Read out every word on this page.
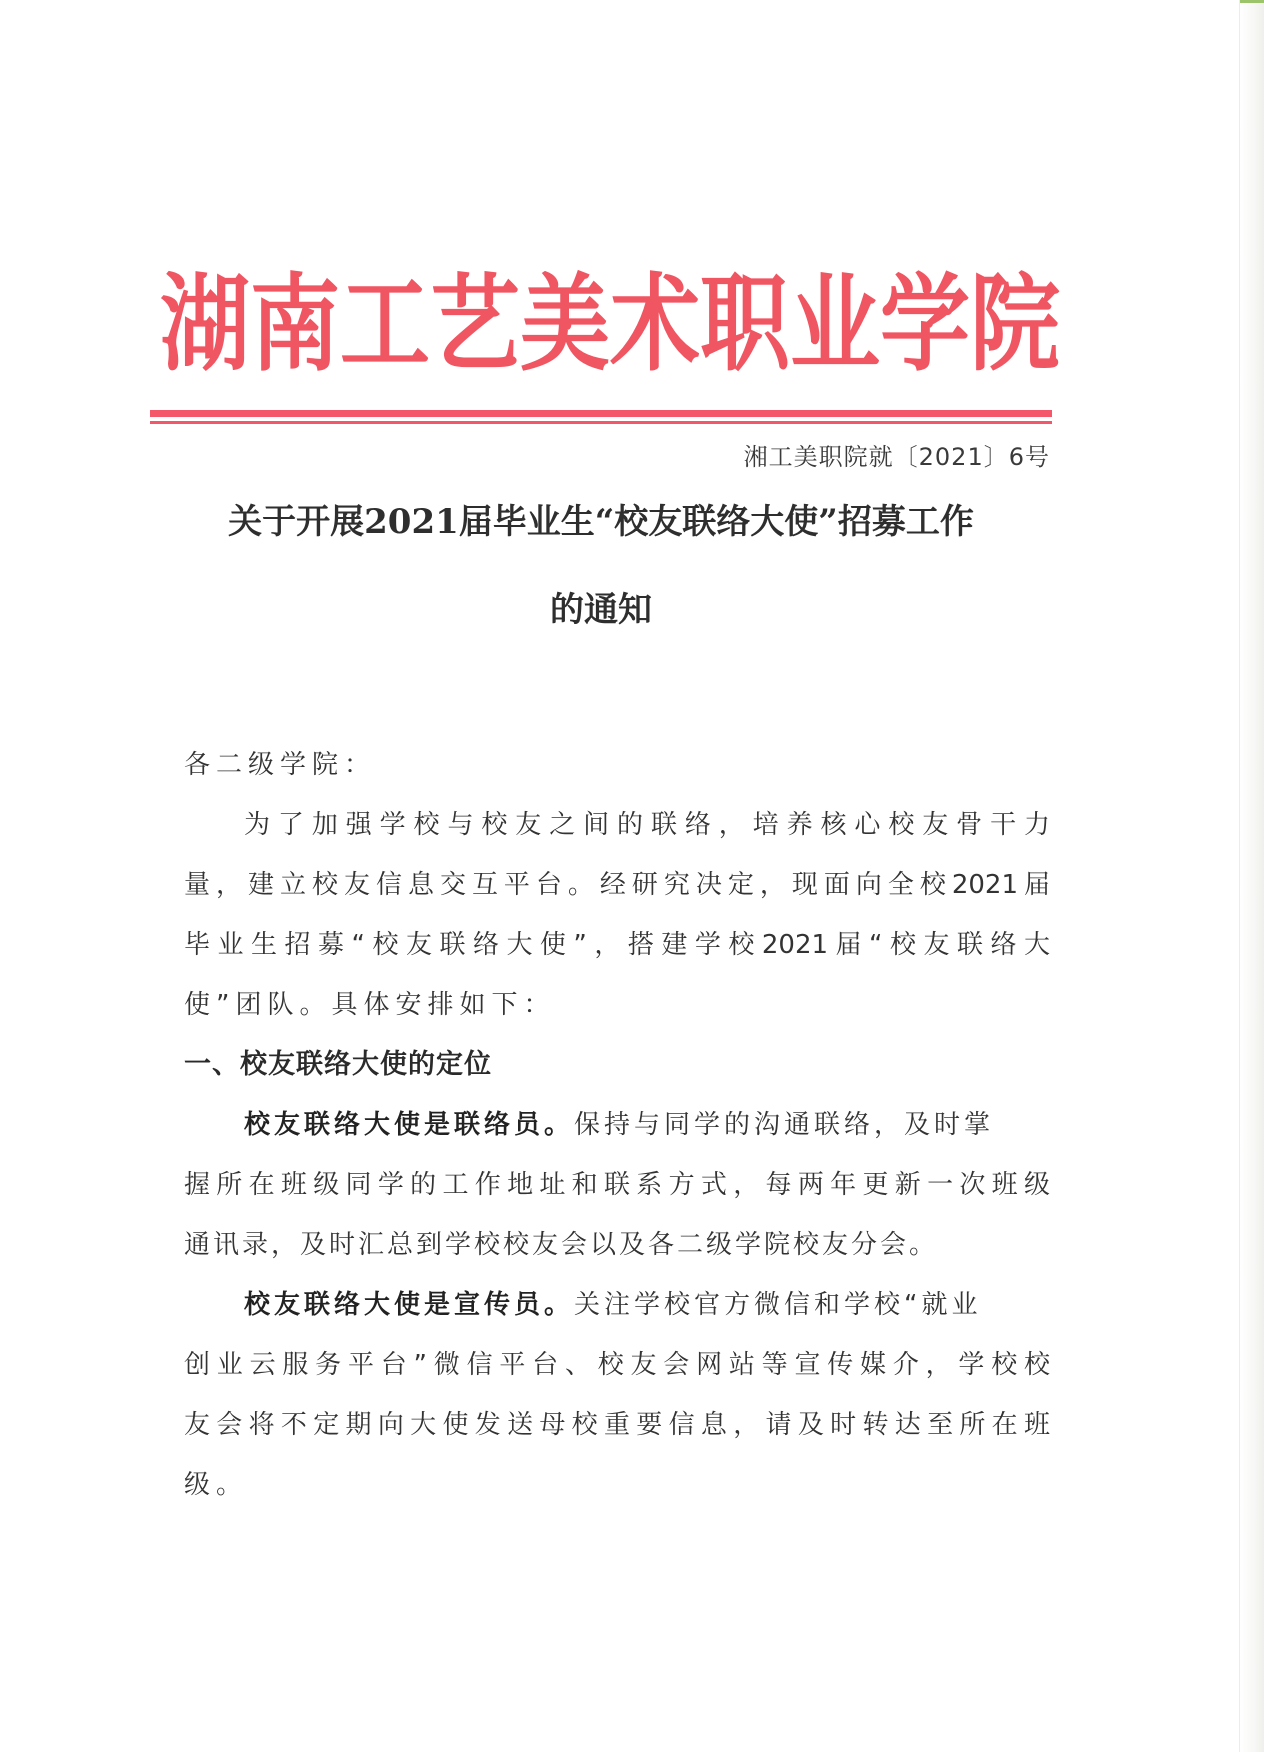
湖 南 工 艺 美 术 职 业 学 院
湘工美职院就〔2021〕6号
关于开展2021届毕业生“校友联络大使”招募工作
的通知
各二级学院：
为了加强学校与校友之间的联络，培养核心校友骨干力
量，建立校友信息交互平台。经研究决定，现面向全校2021届
毕业生招募“校友联络大使”，搭建学校2021届“校友联络大
使”团队。具体安排如下：
一、校友联络大使的定位
校友联络大使是联络员。保持与同学的沟通联络，及时掌
握所在班级同学的工作地址和联系方式，每两年更新一次班级
通讯录，及时汇总到学校校友会以及各二级学院校友分会。
校友联络大使是宣传员。关注学校官方微信和学校“就业
创业云服务平台”微信平台、校友会网站等宣传媒介，学校校
友会将不定期向大使发送母校重要信息，请及时转达至所在班
级。
